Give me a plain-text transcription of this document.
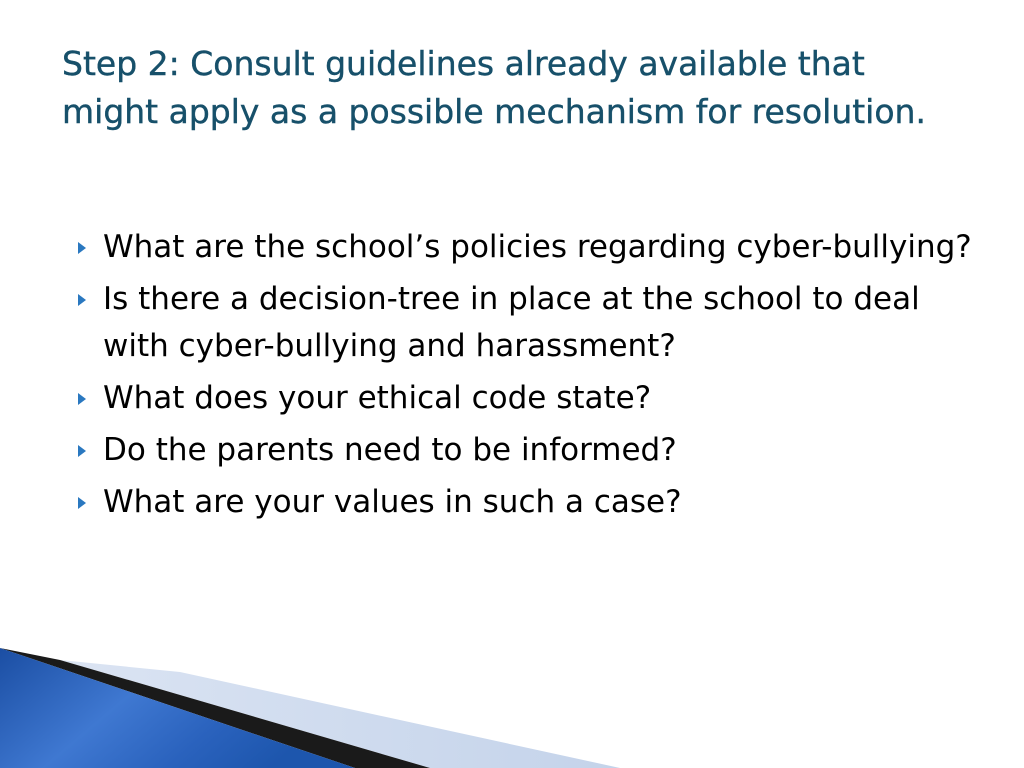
Step 2: Consult guidelines already available that might apply as a possible mechanism for resolution.
What are the school’s policies regarding cyber-bullying?
Is there a decision-tree in place at the school to deal with cyber-bullying and harassment?
What does your ethical code state?
Do the parents need to be informed?
What are your values in such a case?
